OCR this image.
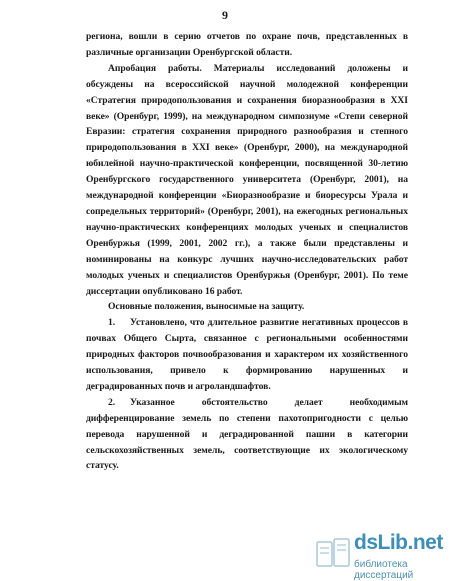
9

региона, вошли в серию отчетов по охране почв, представленных в различные организации Оренбургской области.

Апробация работы. Материалы исследований доложены и обсуждены на всероссийской научной молодежной конференции «Стратегия природопользования и сохранения биоразнообразия в XXI веке» (Оренбург, 1999), на международном симпозиуме «Степи северной Евразии: стратегия сохранения природного разнообразия и степного природопользования в XXI веке» (Оренбург, 2000), на международной юбилейной научно-практической конференции, посвященной 30-летию Оренбургского государственного университета (Оренбург, 2001), на международной конференции «Биоразнообразие и биоресурсы Урала и сопредельных территорий» (Оренбург, 2001), на ежегодных региональных научно-практических конференциях молодых ученых и специалистов Оренбуржья (1999, 2001, 2002 гг.), а также были представлены и номинированы на конкурс лучших научно-исследовательских работ молодых ученых и специалистов Оренбуржья (Оренбург, 2001). По теме диссертации опубликовано 16 работ.

Основные положения, выносимые на защиту.

1. Установлено, что длительное развитие негативных процессов в почвах Общего Сырта, связанное с региональными особенностями природных факторов почвообразования и характером их хозяйственного использования, привело к формированию нарушенных и деградированных почв и агроландшафтов.

2. Указанное обстоятельство делает необходимым дифференцирование земель по степени пахотопригодности с целью перевода нарушенной и деградированной пашни в категории сельскохозяйственных земель, соответствующие их экологическому статусу.

dsLib.net
библиотека диссертаций
